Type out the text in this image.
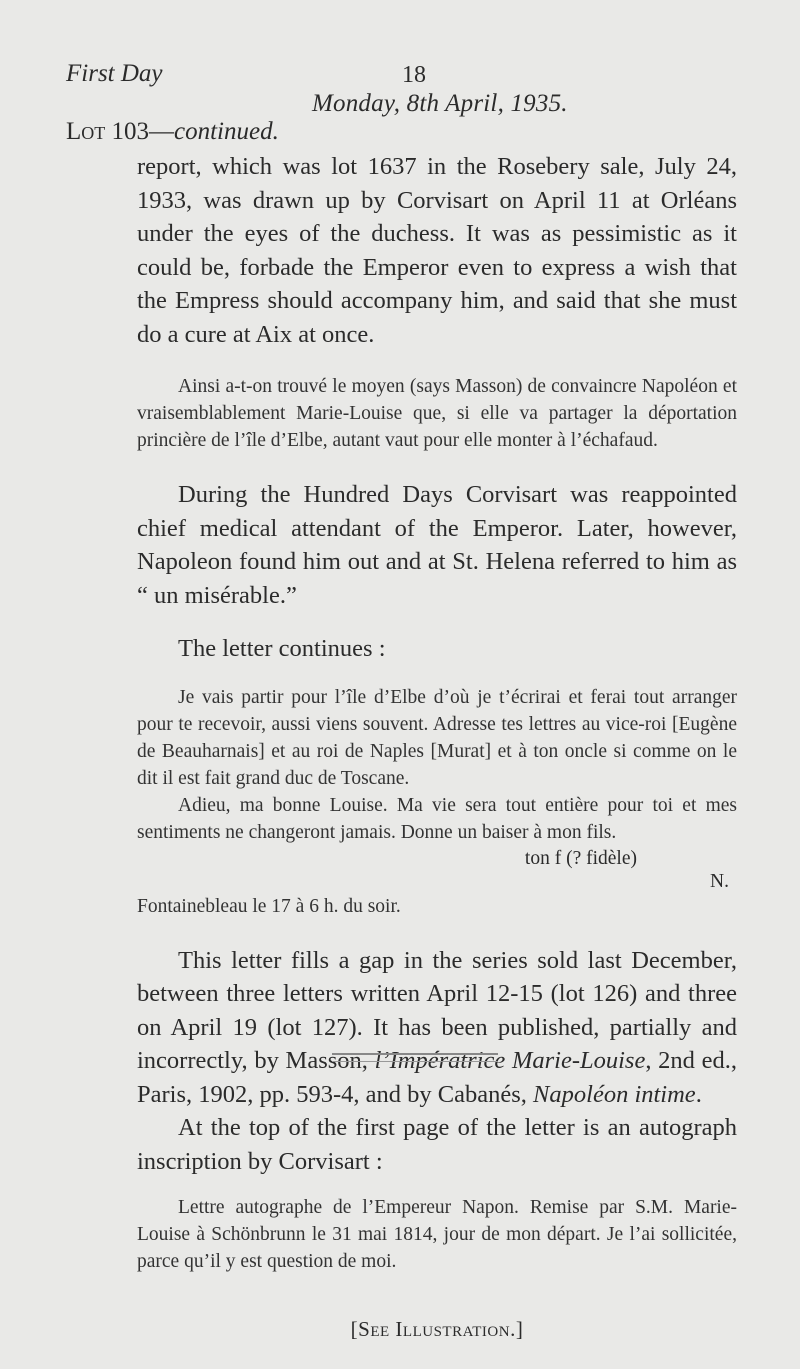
First Day	18
Monday, 8th April, 1935.
Lot 103—continued.

report, which was lot 1637 in the Rosebery sale, July 24, 1933, was drawn up by Corvisart on April 11 at Orléans under the eyes of the duchess. It was as pessimistic as it could be, forbade the Emperor even to express a wish that the Empress should accompany him, and said that she must do a cure at Aix at once.

Ainsi a-t-on trouvé le moyen (says Masson) de convaincre Napoléon et vraisemblablement Marie-Louise que, si elle va partager la déportation princière de l’île d’Elbe, autant vaut pour elle monter à l’échafaud.

During the Hundred Days Corvisart was reappointed chief medical attendant of the Emperor. Later, however, Napoleon found him out and at St. Helena referred to him as “ un misérable.”

The letter continues :

Je vais partir pour l’île d’Elbe d’où je t’écrirai et ferai tout arranger pour te recevoir, aussi viens souvent. Adresse tes lettres au vice-roi [Eugène de Beauharnais] et au roi de Naples [Murat] et à ton oncle si comme on le dit il est fait grand duc de Toscane.

Adieu, ma bonne Louise. Ma vie sera tout entière pour toi et mes sentiments ne changeront jamais. Donne un baiser à mon fils.

ton f (? fidèle)

N.

Fontainebleau le 17 à 6 h. du soir.

This letter fills a gap in the series sold last December, between three letters written April 12-15 (lot 126) and three on April 19 (lot 127). It has been published, partially and incorrectly, by Masson, l’Impératrice Marie-Louise, 2nd ed., Paris, 1902, pp. 593-4, and by Cabanés, Napoléon intime.

At the top of the first page of the letter is an autograph inscription by Corvisart :

Lettre autographe de l’Empereur Napon. Remise par S.M. Marie-Louise à Schönbrunn le 31 mai 1814, jour de mon départ. Je l’ai sollicitée, parce qu’il y est question de moi.

[See Illustration.]
